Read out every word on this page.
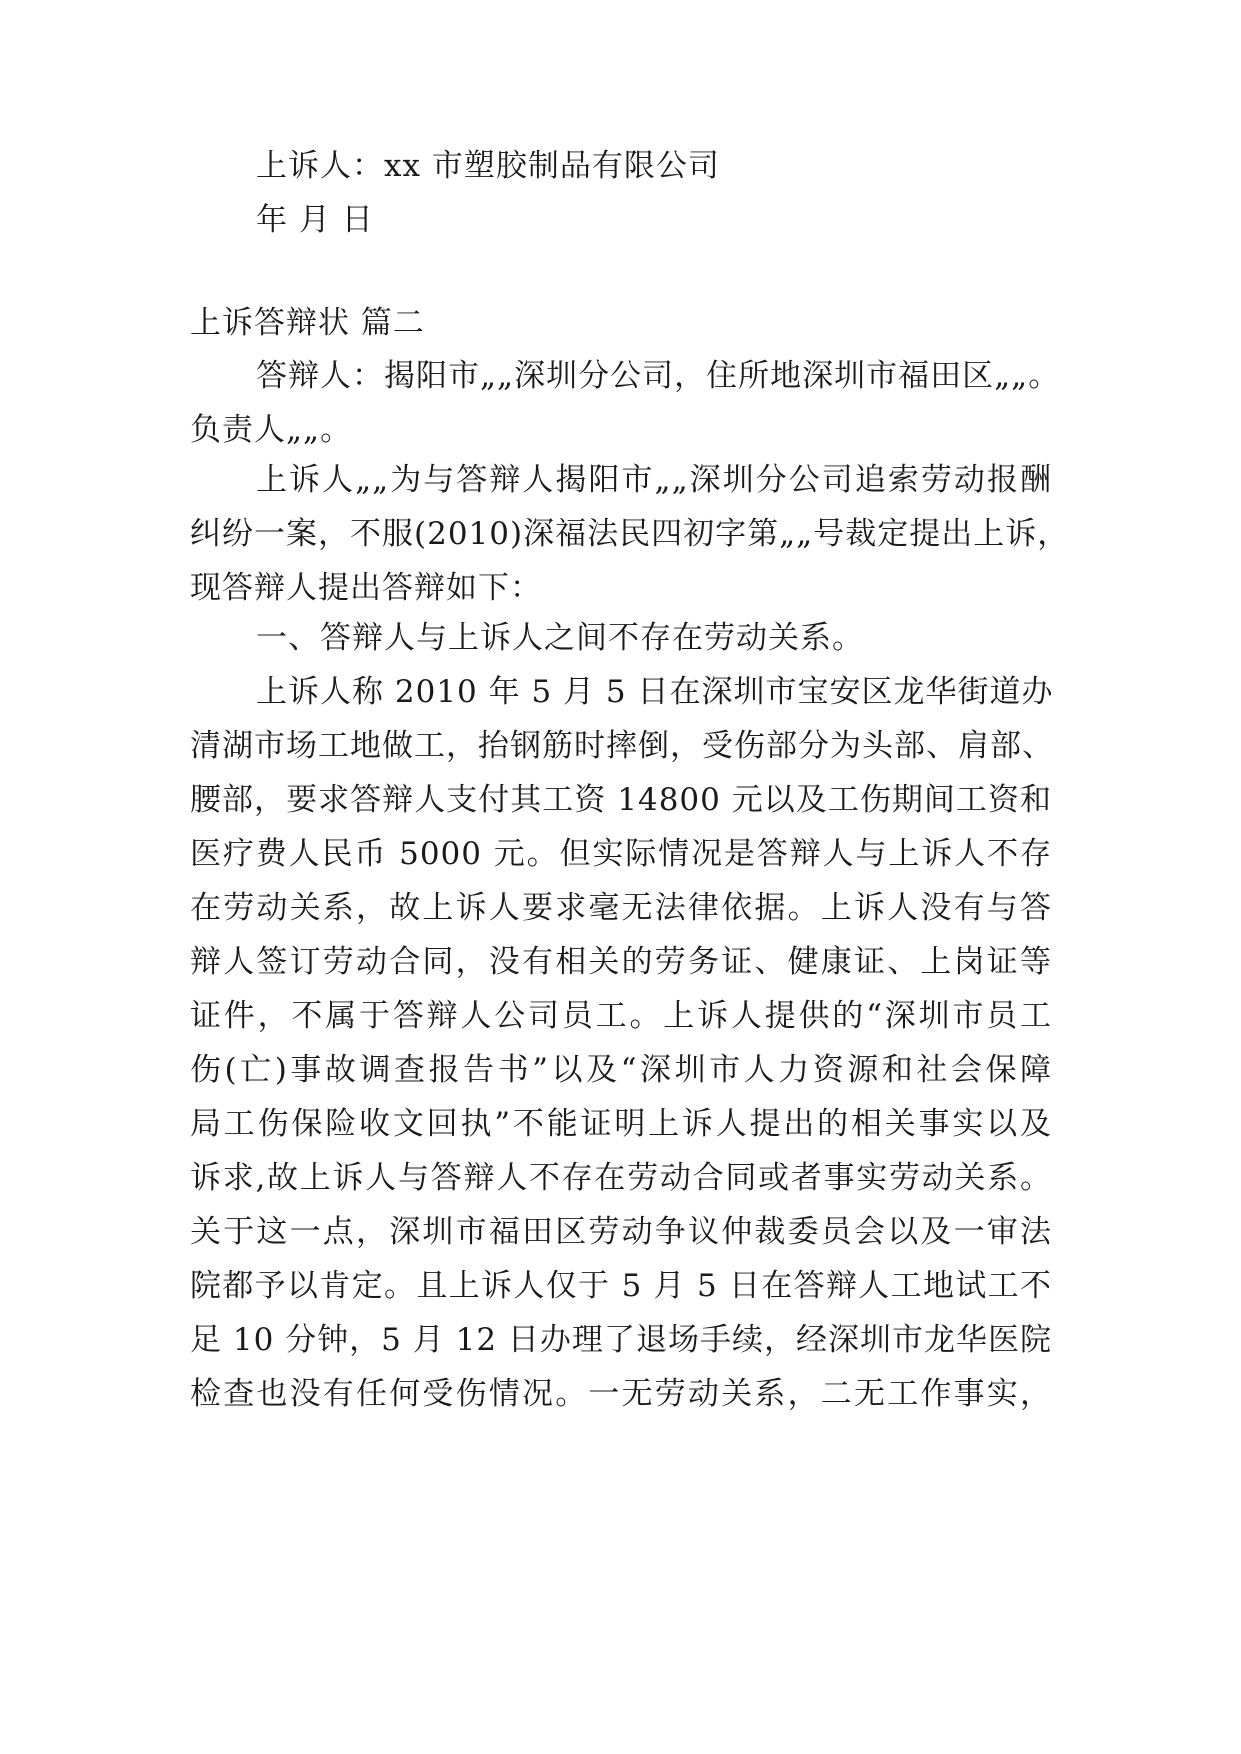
上诉人：xx 市塑胶制品有限公司
年 月 日
上诉答辩状 篇二
答辩人：揭阳市„„深圳分公司，住所地深圳市福田区„„。
负责人„„。
上诉人„„为与答辩人揭阳市„„深圳分公司追索劳动报酬
纠纷一案，不服(2010)深福法民四初字第„„号裁定提出上诉，
现答辩人提出答辩如下：
一、答辩人与上诉人之间不存在劳动关系。
上诉人称 2010 年 5 月 5 日在深圳市宝安区龙华街道办
清湖市场工地做工，抬钢筋时摔倒，受伤部分为头部、肩部、
腰部，要求答辩人支付其工资 14800 元以及工伤期间工资和
医疗费人民币 5000 元。但实际情况是答辩人与上诉人不存
在劳动关系，故上诉人要求毫无法律依据。上诉人没有与答
辩人签订劳动合同，没有相关的劳务证、健康证、上岗证等
证件，不属于答辩人公司员工。上诉人提供的“深圳市员工
伤(亡)事故调查报告书”以及“深圳市人力资源和社会保障
局工伤保险收文回执”不能证明上诉人提出的相关事实以及
诉求,故上诉人与答辩人不存在劳动合同或者事实劳动关系。
关于这一点，深圳市福田区劳动争议仲裁委员会以及一审法
院都予以肯定。且上诉人仅于 5 月 5 日在答辩人工地试工不
足 10 分钟，5 月 12 日办理了退场手续，经深圳市龙华医院
检查也没有任何受伤情况。一无劳动关系，二无工作事实，
